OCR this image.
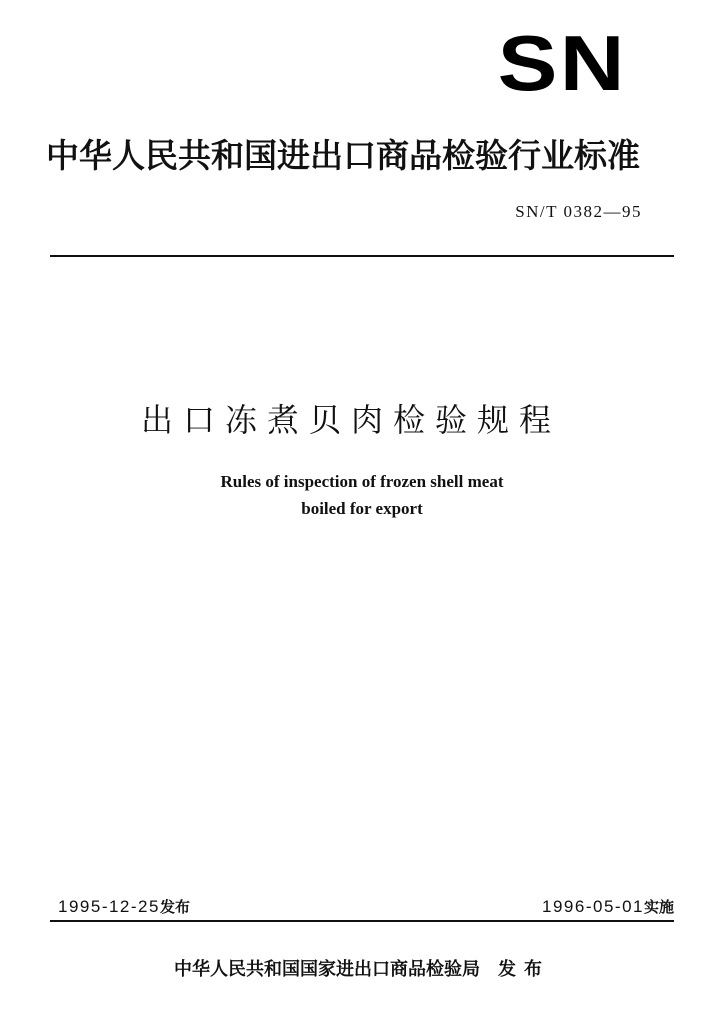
SN
中华人民共和国进出口商品检验行业标准
SN/T 0382—95
出口冻煮贝肉检验规程
Rules of inspection of frozen shell meat
boiled for export
1995-12-25发布	1996-05-01实施
中华人民共和国国家进出口商品检验局 发布
